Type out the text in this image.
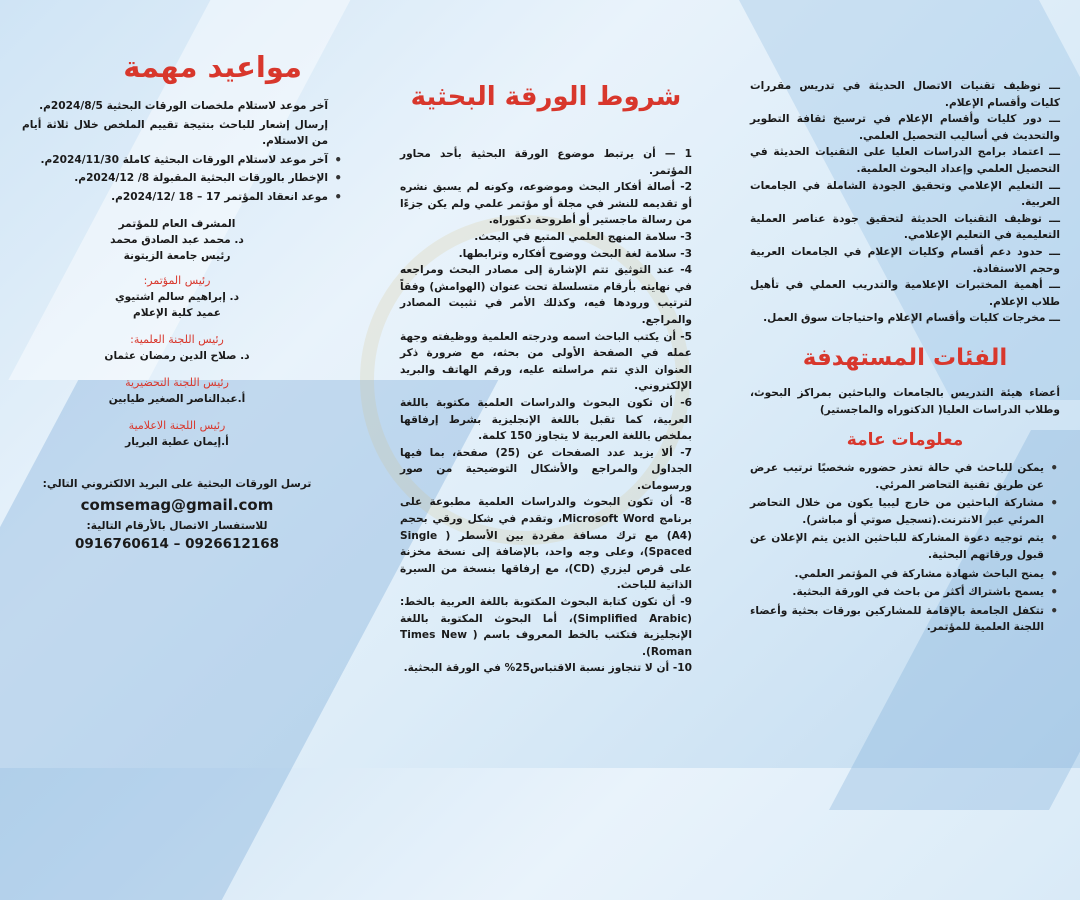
مواعيد مهمة

آخر موعد لاستلام ملخصات الورقات البحثية 2024/8/5م.

إرسال إشعار للباحث بنتيجة تقييم الملخص خلال ثلاثة أيام من الاستلام.

• آخر موعد لاستلام الورقات البحثية كاملة 2024/11/30م.

• الإخطار بالورقات البحثية المقبولة 8/ 2024/12م.

• موعد انعقاد المؤتمر 17 – 18 /2024/12م.

المشرف العام للمؤتمر

د. محمد عبد الصادق محمد

رئيس جامعة الزيتونة

رئيس المؤتمر:

د. إبراهيم سالم اشتيوي

عميد كلية الإعلام

رئيس اللجنة العلمية:

د. صلاح الدين رمضان عثمان

رئيس اللجنة التحضيرية

أ.عبدالناصر الصغير طيابين

رئيس اللجنة الاعلامية

أ.إيمان عطية البريار

ترسل الورقات البحثية على البريد الالكتروني التالي:

comsemag@gmail.com

للاستفسار الاتصال بالأرقام التالية:

0916760614 – 0926612168

شروط الورقة البحثية

1 — أن يرتبط موضوع الورقة البحثية بأحد محاور المؤتمر.

2- أصالة أفكار البحث وموضوعه، وكونه لم يسبق نشره أو تقديمه للنشر في مجلة أو مؤتمر علمي ولم يكن جزءًا من رسالة ماجستير أو أطروحة دكتوراه.

3- سلامة المنهج العلمي المتبع في البحث.

3- سلامة لغة البحث ووضوح أفكاره وترابطها.

4- عند التوثيق تتم الإشارة إلى مصادر البحث ومراجعه في نهايته بأرقام متسلسلة تحت عنوان (الهوامش) وفقاً لترتيب ورودها فيه، وكذلك الأمر في تثبيت المصادر والمراجع.

5- أن يكتب الباحث اسمه ودرجته العلمية ووظيفته وجهة عمله في الصفحة الأولى من بحثه، مع ضرورة ذكر العنوان الذي تتم مراسلته عليه، ورقم الهاتف والبريد الإلكتروني.

6- أن تكون البحوث والدراسات العلمية مكتوبة باللغة العربية، كما تقبل باللغة الإنجليزية بشرط إرفاقها بملخص باللغة العربية لا يتجاوز 150 كلمة.

7- ألا يزيد عدد الصفحات عن (25) صفحة، بما فيها الجداول والمراجع والأشكال التوضيحية من صور ورسومات.

8- أن تكون البحوث والدراسات العلمية مطبوعة على برنامج Microsoft Word، وتقدم في شكل ورقي بحجم (A4) مع ترك مسافة مفردة بين الأسطر ( Single Spaced)، وعلى وجه واحد، بالإضافة إلى نسخة مخزنة على قرص ليزري (CD)، مع إرفاقها بنسخة من السيرة الذاتية للباحث.

9- أن تكون كتابة البحوث المكتوبة باللغة العربية بالخط: (Simplified Arabic)، أما البحوث المكتوبة باللغة الإنجليزية فتكتب بالخط المعروف باسم ( Times New Roman).

10- أن لا تتجاوز نسبة الاقتباس25% في الورقة البحثية.

ـــ توظيف تقنيات الاتصال الحديثة في تدريس مقررات كليات وأقسام الإعلام.

ـــ دور كليات وأقسام الإعلام في ترسيخ ثقافة التطوير والتحديث في أساليب التحصيل العلمي.

ـــ اعتماد برامج الدراسات العليا على التقنيات الحديثة في التحصيل العلمي وإعداد البحوث العلمية.

ـــ التعليم الإعلامي وتحقيق الجودة الشاملة في الجامعات العربية.

ـــ توظيف التقنيات الحديثة لتحقيق جودة عناصر العملية التعليمية في التعليم الإعلامي.

ـــ حدود دعم أقسام وكليات الإعلام في الجامعات العربية وحجم الاستفادة.

ـــ أهمية المختبرات الإعلامية والتدريب العملي في تأهيل طلاب الإعلام.

ـــ مخرجات كليات وأقسام الإعلام واحتياجات سوق العمل.

الفئات المستهدفة

أعضاء هيئة التدريس بالجامعات والباحثين بمراكز البحوث، وطلاب الدراسات العليا( الدكتوراه والماجستير)

معلومات عامة

• يمكن للباحث في حالة تعذر حضوره شخصيًا ترتيب عرض عن طريق تقنية التحاضر المرئي.

• مشاركة الباحثين من خارج ليبيا يكون من خلال التحاضر المرئي عبر الانترنت.(تسجيل صوتي أو مباشر).

• يتم توجيه دعوة المشاركة للباحثين الذين يتم الإعلان عن قبول ورقاتهم البحثية.

• يمنح الباحث شهادة مشاركة في المؤتمر العلمي.

• يسمح باشتراك أكثر من باحث في الورقة البحثية.

• تتكفل الجامعة بالإقامة للمشاركين بورقات بحثية وأعضاء اللجنة العلمية للمؤتمر.
